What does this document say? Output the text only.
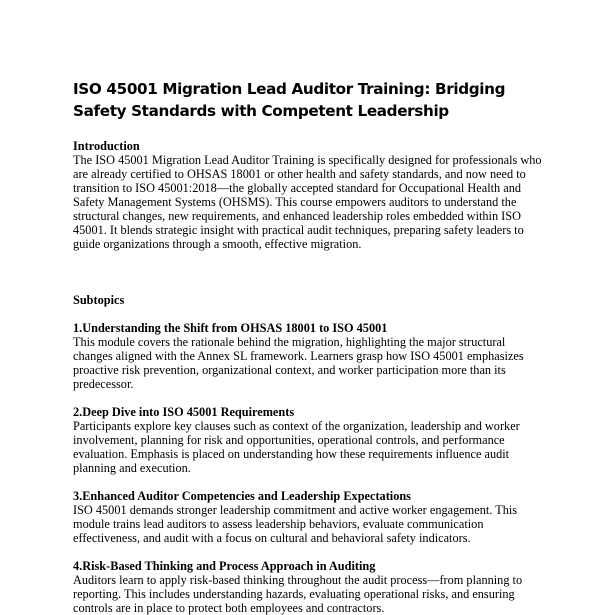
ISO 45001 Migration Lead Auditor Training: Bridging Safety Standards with Competent Leadership

Introduction

The ISO 45001 Migration Lead Auditor Training is specifically designed for professionals who are already certified to OHSAS 18001 or other health and safety standards, and now need to transition to ISO 45001:2018—the globally accepted standard for Occupational Health and Safety Management Systems (OHSMS). This course empowers auditors to understand the structural changes, new requirements, and enhanced leadership roles embedded within ISO 45001. It blends strategic insight with practical audit techniques, preparing safety leaders to guide organizations through a smooth, effective migration.

Subtopics

1.Understanding the Shift from OHSAS 18001 to ISO 45001

This module covers the rationale behind the migration, highlighting the major structural changes aligned with the Annex SL framework. Learners grasp how ISO 45001 emphasizes proactive risk prevention, organizational context, and worker participation more than its predecessor.

2.Deep Dive into ISO 45001 Requirements

Participants explore key clauses such as context of the organization, leadership and worker involvement, planning for risk and opportunities, operational controls, and performance evaluation. Emphasis is placed on understanding how these requirements influence audit planning and execution.

3.Enhanced Auditor Competencies and Leadership Expectations

ISO 45001 demands stronger leadership commitment and active worker engagement. This module trains lead auditors to assess leadership behaviors, evaluate communication effectiveness, and audit with a focus on cultural and behavioral safety indicators.

4.Risk-Based Thinking and Process Approach in Auditing

Auditors learn to apply risk-based thinking throughout the audit process—from planning to reporting. This includes understanding hazards, evaluating operational risks, and ensuring controls are in place to protect both employees and contractors.
